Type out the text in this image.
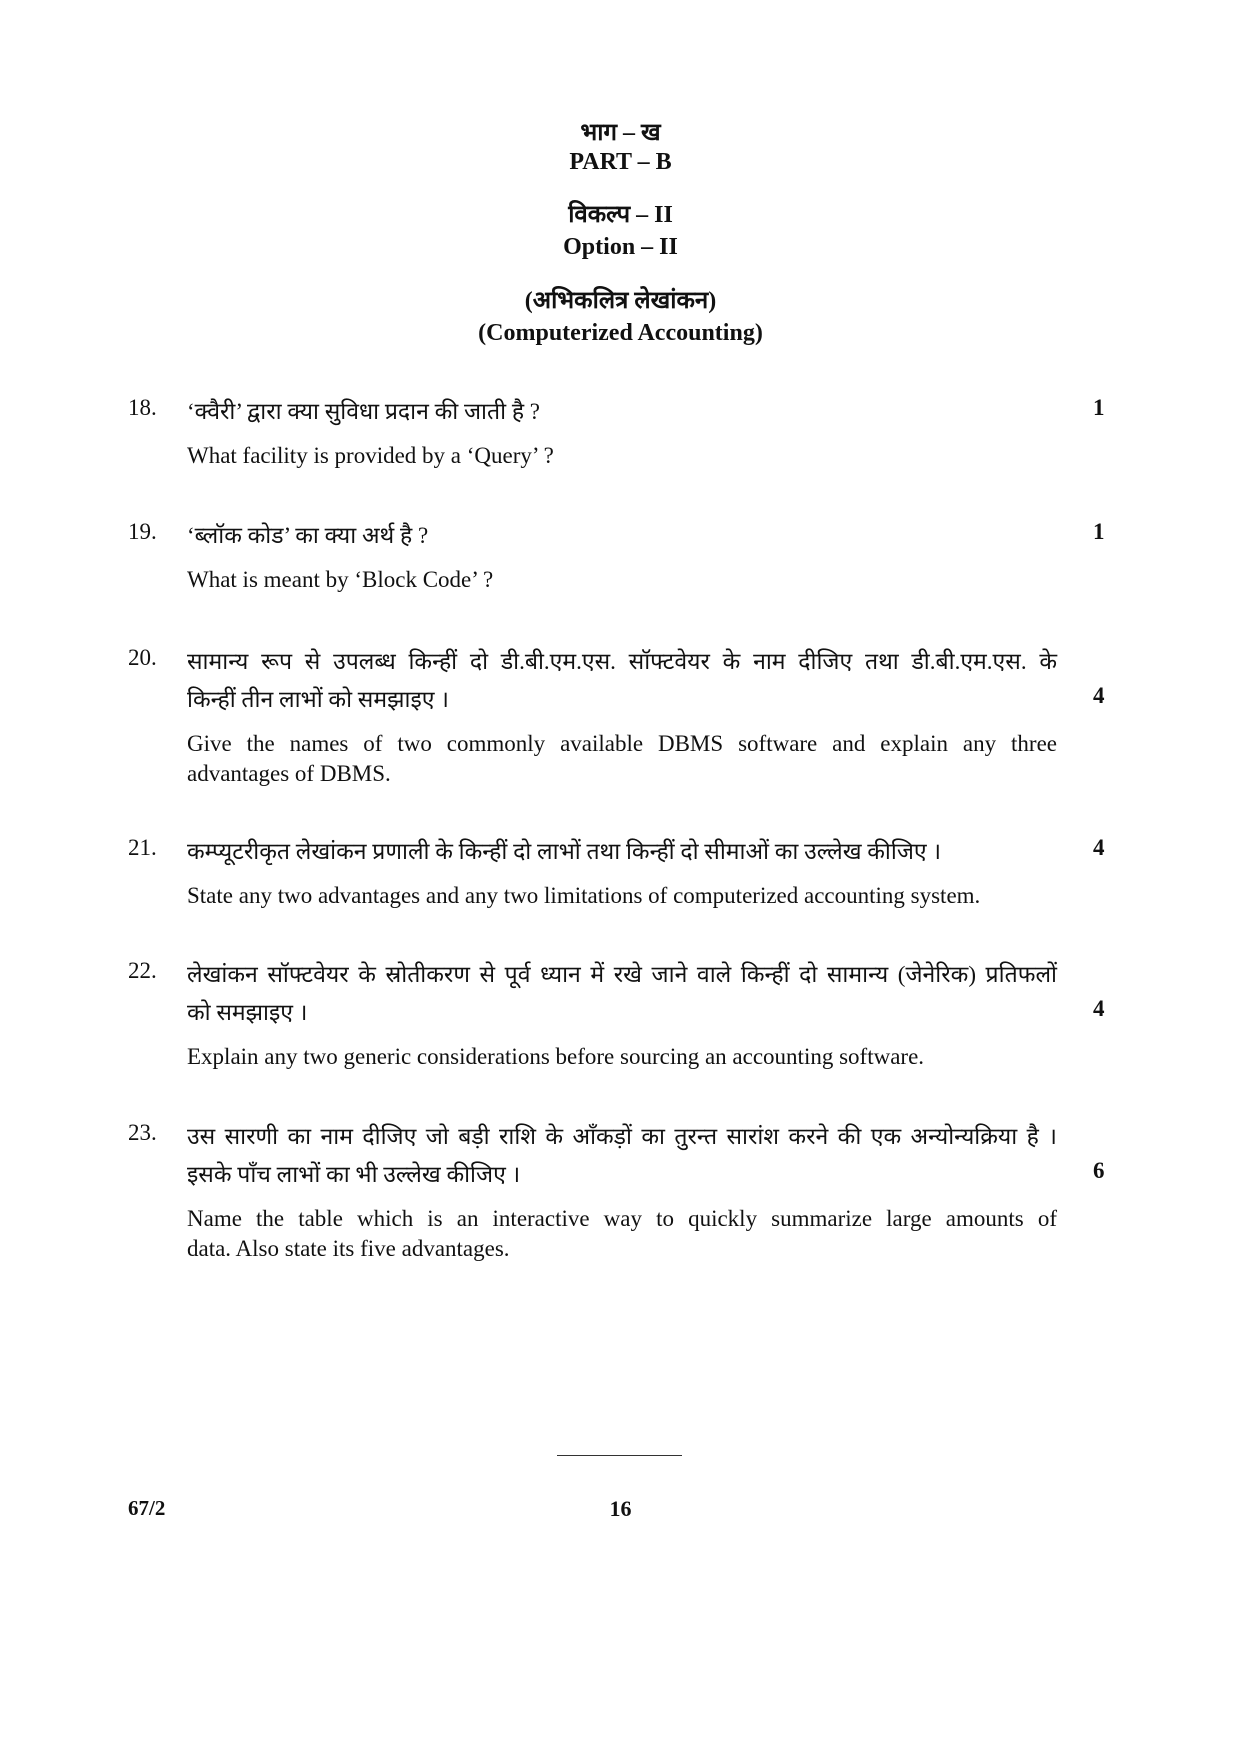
भाग – ख
PART – B
विकल्प – II
Option – II
(अभिकलित्र लेखांकन)
(Computerized Accounting)
18. ‘क्वैरी’ द्वारा क्या सुविधा प्रदान की जाती है ?	1
What facility is provided by a ‘Query’ ?
19. ‘ब्लॉक कोड’ का क्या अर्थ है ?	1
What is meant by ‘Block Code’ ?
20. सामान्य रूप से उपलब्ध किन्हीं दो डी.बी.एम.एस. सॉफ्टवेयर के नाम दीजिए तथा डी.बी.एम.एस. के
किन्हीं तीन लाभों को समझाइए ।	4
Give the names of two commonly available DBMS software and explain any three
advantages of DBMS.
21. कम्प्यूटरीकृत लेखांकन प्रणाली के किन्हीं दो लाभों तथा किन्हीं दो सीमाओं का उल्लेख कीजिए ।	4
State any two advantages and any two limitations of computerized accounting system.
22. लेखांकन सॉफ्टवेयर के स्रोतीकरण से पूर्व ध्यान में रखे जाने वाले किन्हीं दो सामान्य (जेनेरिक) प्रतिफलों
को समझाइए ।	4
Explain any two generic considerations before sourcing an accounting software.
23. उस सारणी का नाम दीजिए जो बड़ी राशि के आँकड़ों का तुरन्त सारांश करने की एक अन्योन्यक्रिया है ।
इसके पाँच लाभों का भी उल्लेख कीजिए ।	6
Name the table which is an interactive way to quickly summarize large amounts of
data. Also state its five advantages.
67/2	16
